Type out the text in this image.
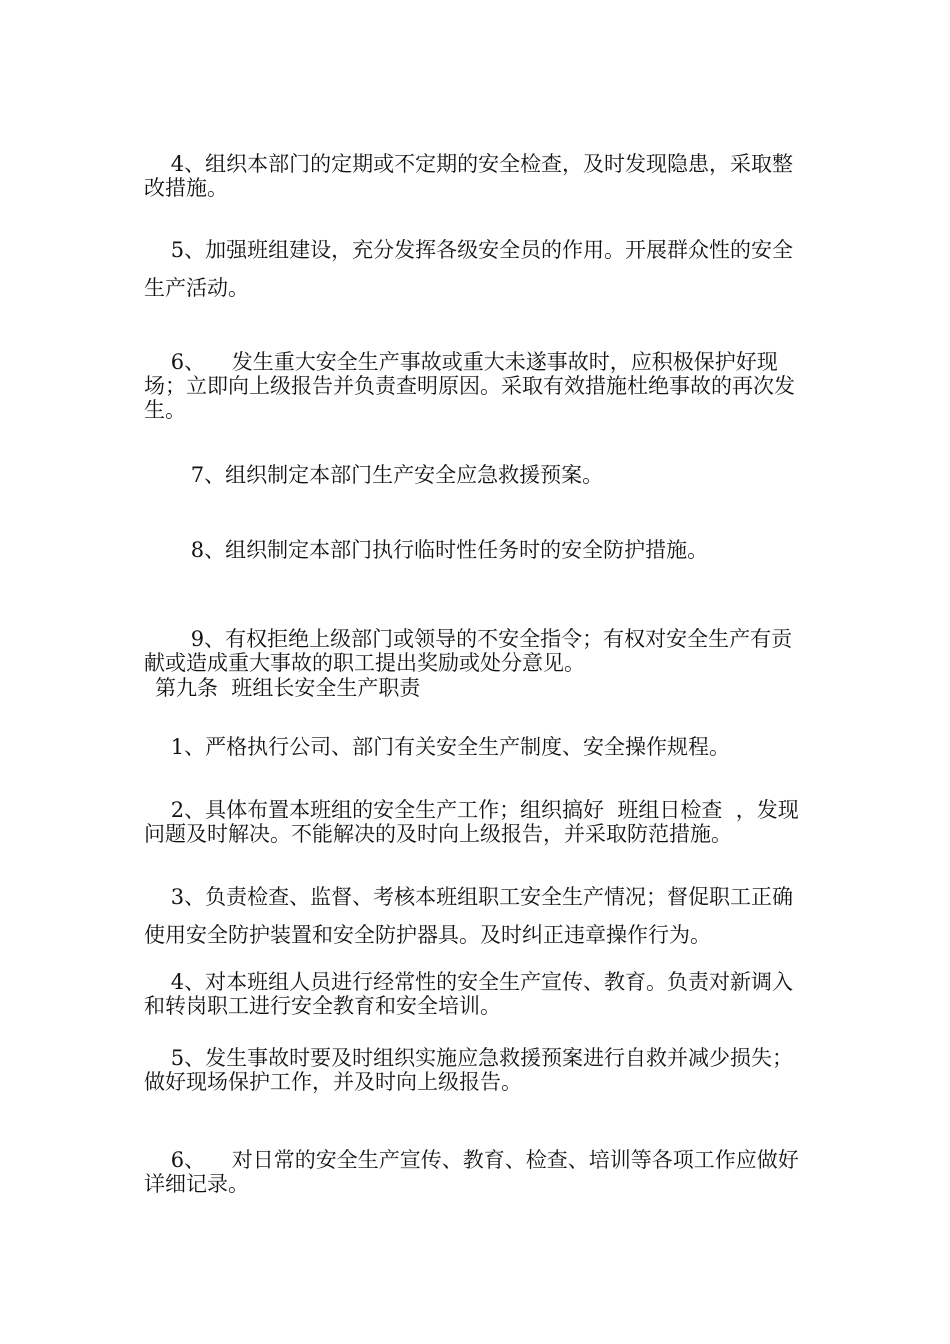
4、组织本部门的定期或不定期的安全检查，及时发现隐患，采取整改措施。

5、加强班组建设，充分发挥各级安全员的作用。开展群众性的安全生产活动。

6、    发生重大安全生产事故或重大未遂事故时，应积极保护好现场；立即向上级报告并负责查明原因。采取有效措施杜绝事故的再次发生。

7、组织制定本部门生产安全应急救援预案。

8、组织制定本部门执行临时性任务时的安全防护措施。

9、有权拒绝上级部门或领导的不安全指令；有权对安全生产有贡献或造成重大事故的职工提出奖励或处分意见。

第九条  班组长安全生产职责

1、严格执行公司、部门有关安全生产制度、安全操作规程。

2、具体布置本班组的安全生产工作；组织搞好  班组日检查  ，发现问题及时解决。不能解决的及时向上级报告，并采取防范措施。

3、负责检查、监督、考核本班组职工安全生产情况；督促职工正确使用安全防护装置和安全防护器具。及时纠正违章操作行为。

4、对本班组人员进行经常性的安全生产宣传、教育。负责对新调入和转岗职工进行安全教育和安全培训。

5、发生事故时要及时组织实施应急救援预案进行自救并减少损失；做好现场保护工作，并及时向上级报告。

6、    对日常的安全生产宣传、教育、检查、培训等各项工作应做好详细记录。
